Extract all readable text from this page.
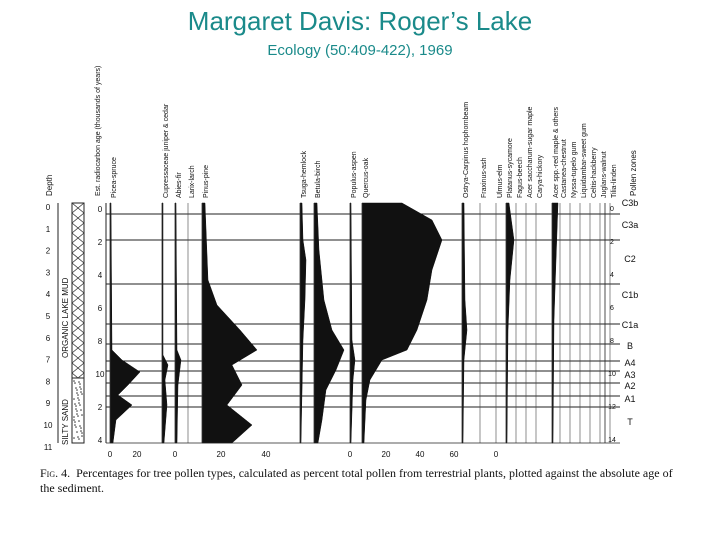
Margaret Davis: Roger’s Lake
Ecology (50:409-422), 1969
Depth
0
1
2
3
4
5
6
7
8
9
10
11
ORGANIC LAKE MUD
SILTY SAND
Est. radiocarbon age (thousands of years)
0
2
4
6
8
10
2
4
Picea-spruce	Cupressaceae juniper & cedar Abies-fir Larix-larch Pinus-pine	Tsuga-hemlock Betula-birch	Populus-aspen Quercus-oak	Ostrya-Carpinus hophornbeam Fraxinus-ash Ulmus-elm Platanus-sycamore Fagus-beech Acer saccharum-sugar maple Carya-hickory Acer spp.-red maple & others Castanea-chestnut Nyssa-tupelo gum Liquidambar-sweet gum Celtis-hackberry Juglans-walnut Tilia-linden
0
2
4
6
8
10
12
14
Pollen zones
C3b
C3a
C2
C1b
C1a
B
A4
A3
A2
A1
T
0	20	0	20	40	0	20	40	60	0
Fig. 4. Percentages for tree pollen types, calculated as percent total pollen from terrestrial plants, plotted against the absolute age of the sediment.
